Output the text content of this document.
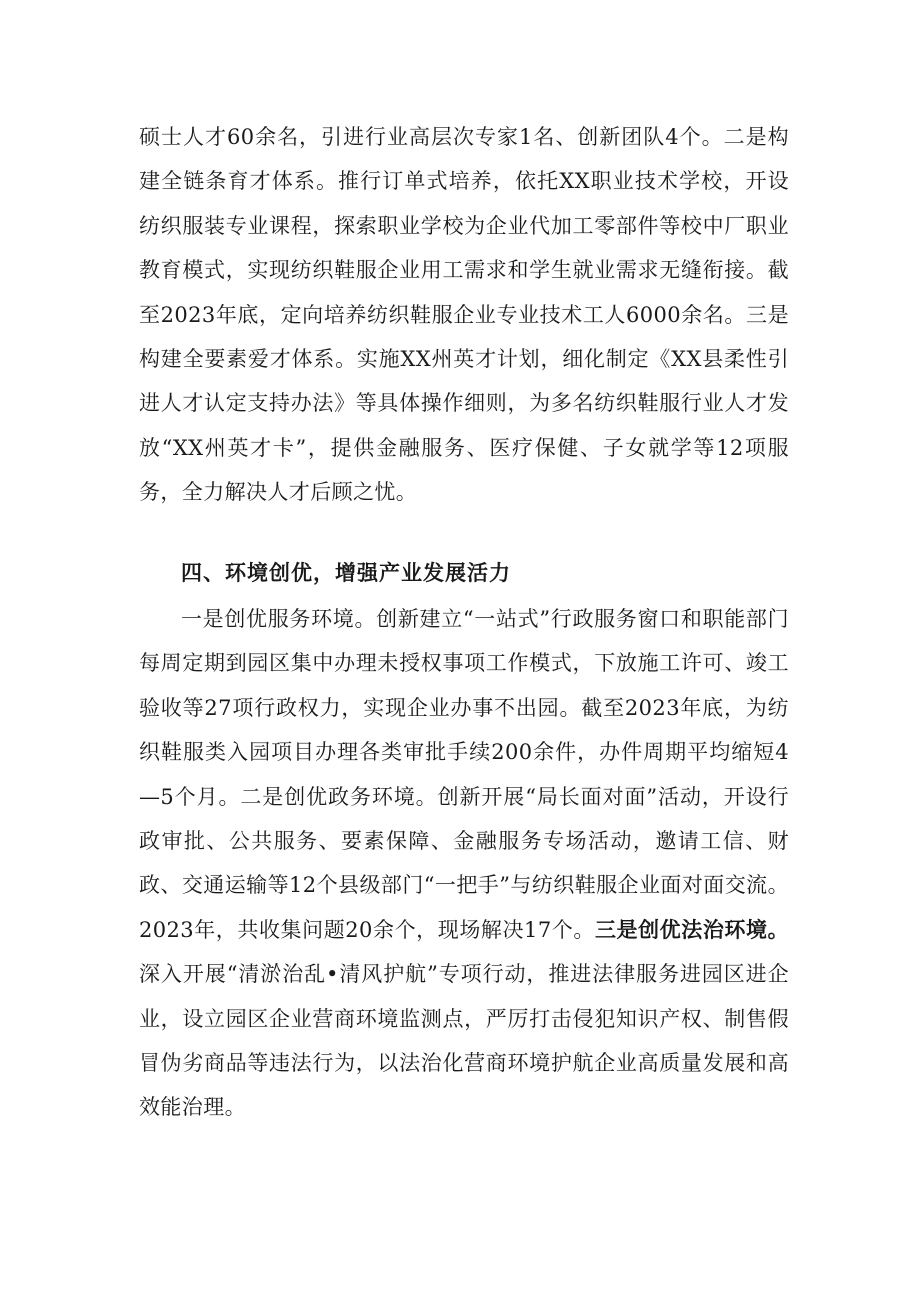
硕士人才60余名，引进行业高层次专家1名、创新团队4个。二是构建全链条育才体系。推行订单式培养，依托XX职业技术学校，开设纺织服装专业课程，探索职业学校为企业代加工零部件等校中厂职业教育模式，实现纺织鞋服企业用工需求和学生就业需求无缝衔接。截至2023年底，定向培养纺织鞋服企业专业技术工人6000余名。三是构建全要素爱才体系。实施XX州英才计划，细化制定《XX县柔性引进人才认定支持办法》等具体操作细则，为多名纺织鞋服行业人才发放“XX州英才卡”，提供金融服务、医疗保健、子女就学等12项服务，全力解决人才后顾之忧。

四、环境创优，增强产业发展活力

一是创优服务环境。创新建立“一站式”行政服务窗口和职能部门每周定期到园区集中办理未授权事项工作模式，下放施工许可、竣工验收等27项行政权力，实现企业办事不出园。截至2023年底，为纺织鞋服类入园项目办理各类审批手续200余件，办件周期平均缩短4—5个月。二是创优政务环境。创新开展“局长面对面”活动，开设行政审批、公共服务、要素保障、金融服务专场活动，邀请工信、财政、交通运输等12个县级部门“一把手”与纺织鞋服企业面对面交流。2023年，共收集问题20余个，现场解决17个。三是创优法治环境。深入开展“清淤治乱•清风护航”专项行动，推进法律服务进园区进企业，设立园区企业营商环境监测点，严厉打击侵犯知识产权、制售假冒伪劣商品等违法行为，以法治化营商环境护航企业高质量发展和高效能治理。
